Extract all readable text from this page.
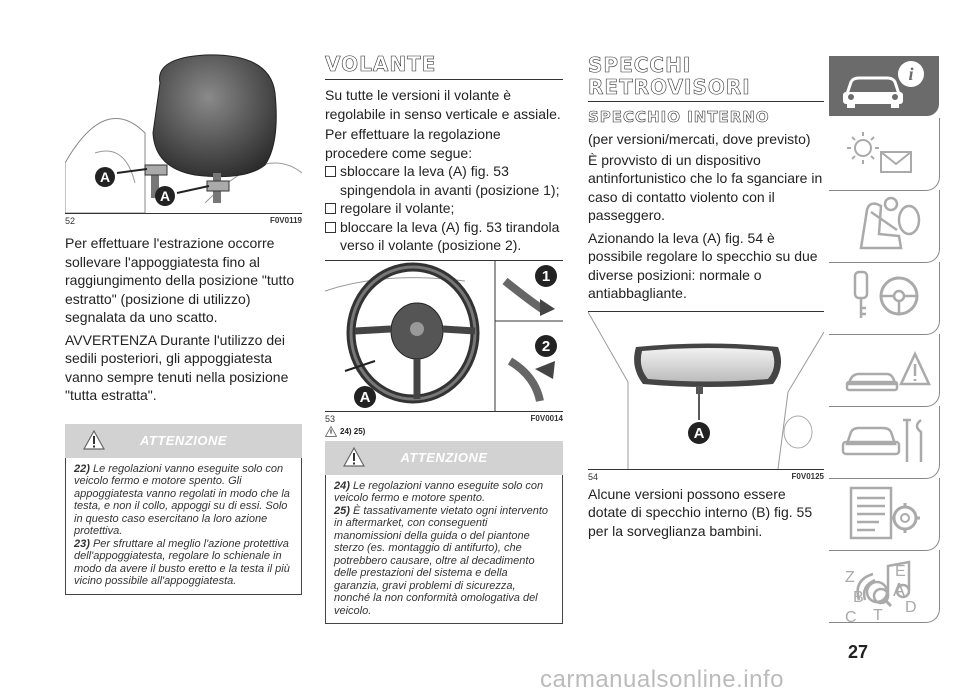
A
A
52	F0V0119

Per effettuare l'estrazione occorre sollevare l'appoggiatesta fino al raggiungimento della posizione "tutto estratto" (posizione di utilizzo) segnalata da uno scatto.

AVVERTENZA Durante l'utilizzo dei sedili posteriori, gli appoggiatesta vanno sempre tenuti nella posizione "tutta estratta".

ATTENZIONE

22) Le regolazioni vanno eseguite solo con veicolo fermo e motore spento. Gli appoggiatesta vanno regolati in modo che la testa, e non il collo, appoggi su di essi. Solo in questo caso esercitano la loro azione protettiva.

23) Per sfruttare al meglio l'azione protettiva dell'appoggiatesta, regolare lo schienale in modo da avere il busto eretto e la testa il più vicino possibile all'appoggiatesta.

VOLANTE

Su tutte le versioni il volante è regolabile in senso verticale e assiale.

Per effettuare la regolazione procedere come segue:

sbloccare la leva (A) fig. 53 spingendola in avanti (posizione 1);

regolare il volante;

bloccare la leva (A) fig. 53 tirandola verso il volante (posizione 2).

1
2
A
53	F0V0014
24) 25)
ATTENZIONE

24) Le regolazioni vanno eseguite solo con veicolo fermo e motore spento.

25) È tassativamente vietato ogni intervento in aftermarket, con conseguenti manomissioni della guida o del piantone sterzo (es. montaggio di antifurto), che potrebbero causare, oltre al decadimento delle prestazioni del sistema e della garanzia, gravi problemi di sicurezza, nonché la non conformità omologativa del veicolo.

SPECCHI
RETROVISORI
SPECCHIO INTERNO

(per versioni/mercati, dove previsto)

È provvisto di un dispositivo antinfortunistico che lo fa sganciare in caso di contatto violento con il passeggero.

Azionando la leva (A) fig. 54 è possibile regolare lo specchio su due diverse posizioni: normale o antiabbagliante.

A
54	F0V0125

Alcune versioni possono essere dotate di specchio interno (B) fig. 55 per la sorveglianza bambini.

i
Z	E
A
B
C T D
27
carmanualsonline.info
